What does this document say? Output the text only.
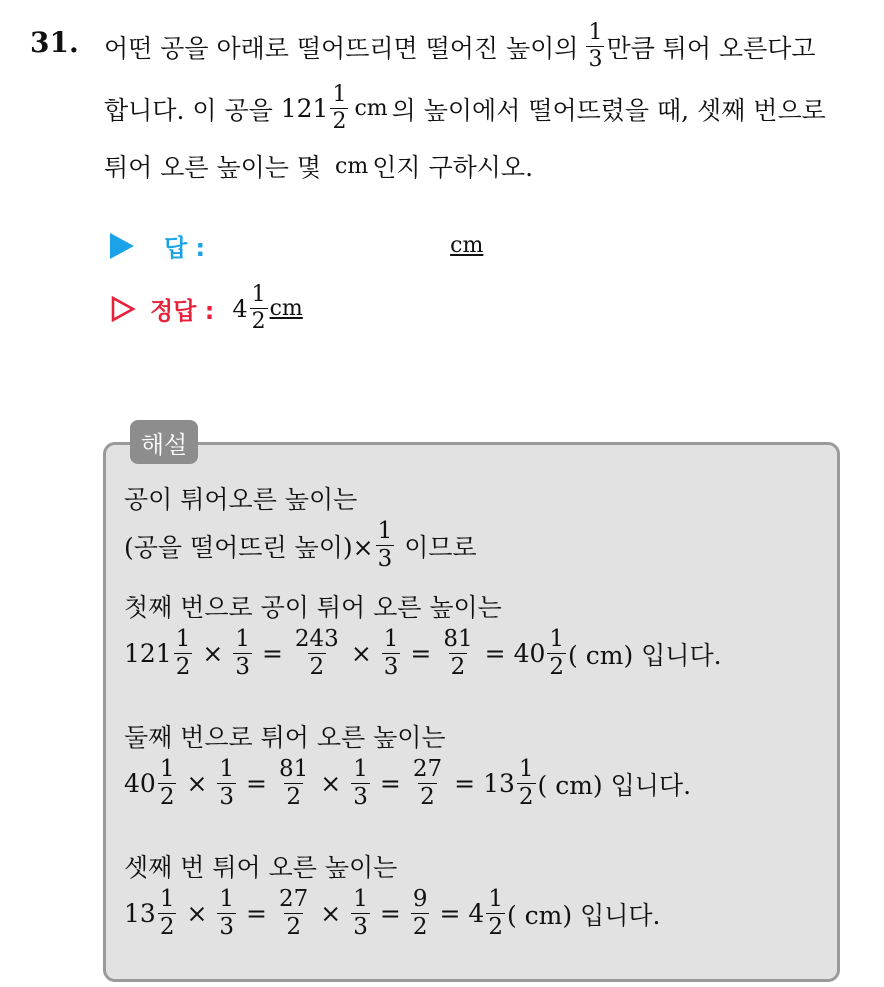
31. 어떤 공을 아래로 떨어뜨리면 떨어진 높이의 $\frac{1}{3}$ 만큼 튀어 오른다고
합니다. 이 공을 $121 \frac{1}{2}$ cm 의 높이에서 떨어뜨렸을 때, 셋째 번으로
튀어 오른 높이는 몇 cm 인지 구하시오.
답 :	cm
정답 : $4 \frac{1}{2}$ cm
해설
공이 튀어오른 높이는
(공을 떨어뜨린 높이)× $\frac{1}{3}$ 이므로
첫째 번으로 공이 튀어 오른 높이는
$121 \frac{1}{2} \times \frac{1}{3} = \frac{243}{2} \times \frac{1}{3} = \frac{81}{2} = 40 \frac{1}{2}$ ( cm) 입니다.
둘째 번으로 튀어 오른 높이는
$40 \frac{1}{2} \times \frac{1}{3} = \frac{81}{2} \times \frac{1}{3} = \frac{27}{2} = 13 \frac{1}{2}$ ( cm) 입니다.
셋째 번 튀어 오른 높이는
$13 \frac{1}{2} \times \frac{1}{3} = \frac{27}{2} \times \frac{1}{3} = \frac{9}{2} = 4 \frac{1}{2}$ ( cm) 입니다.
